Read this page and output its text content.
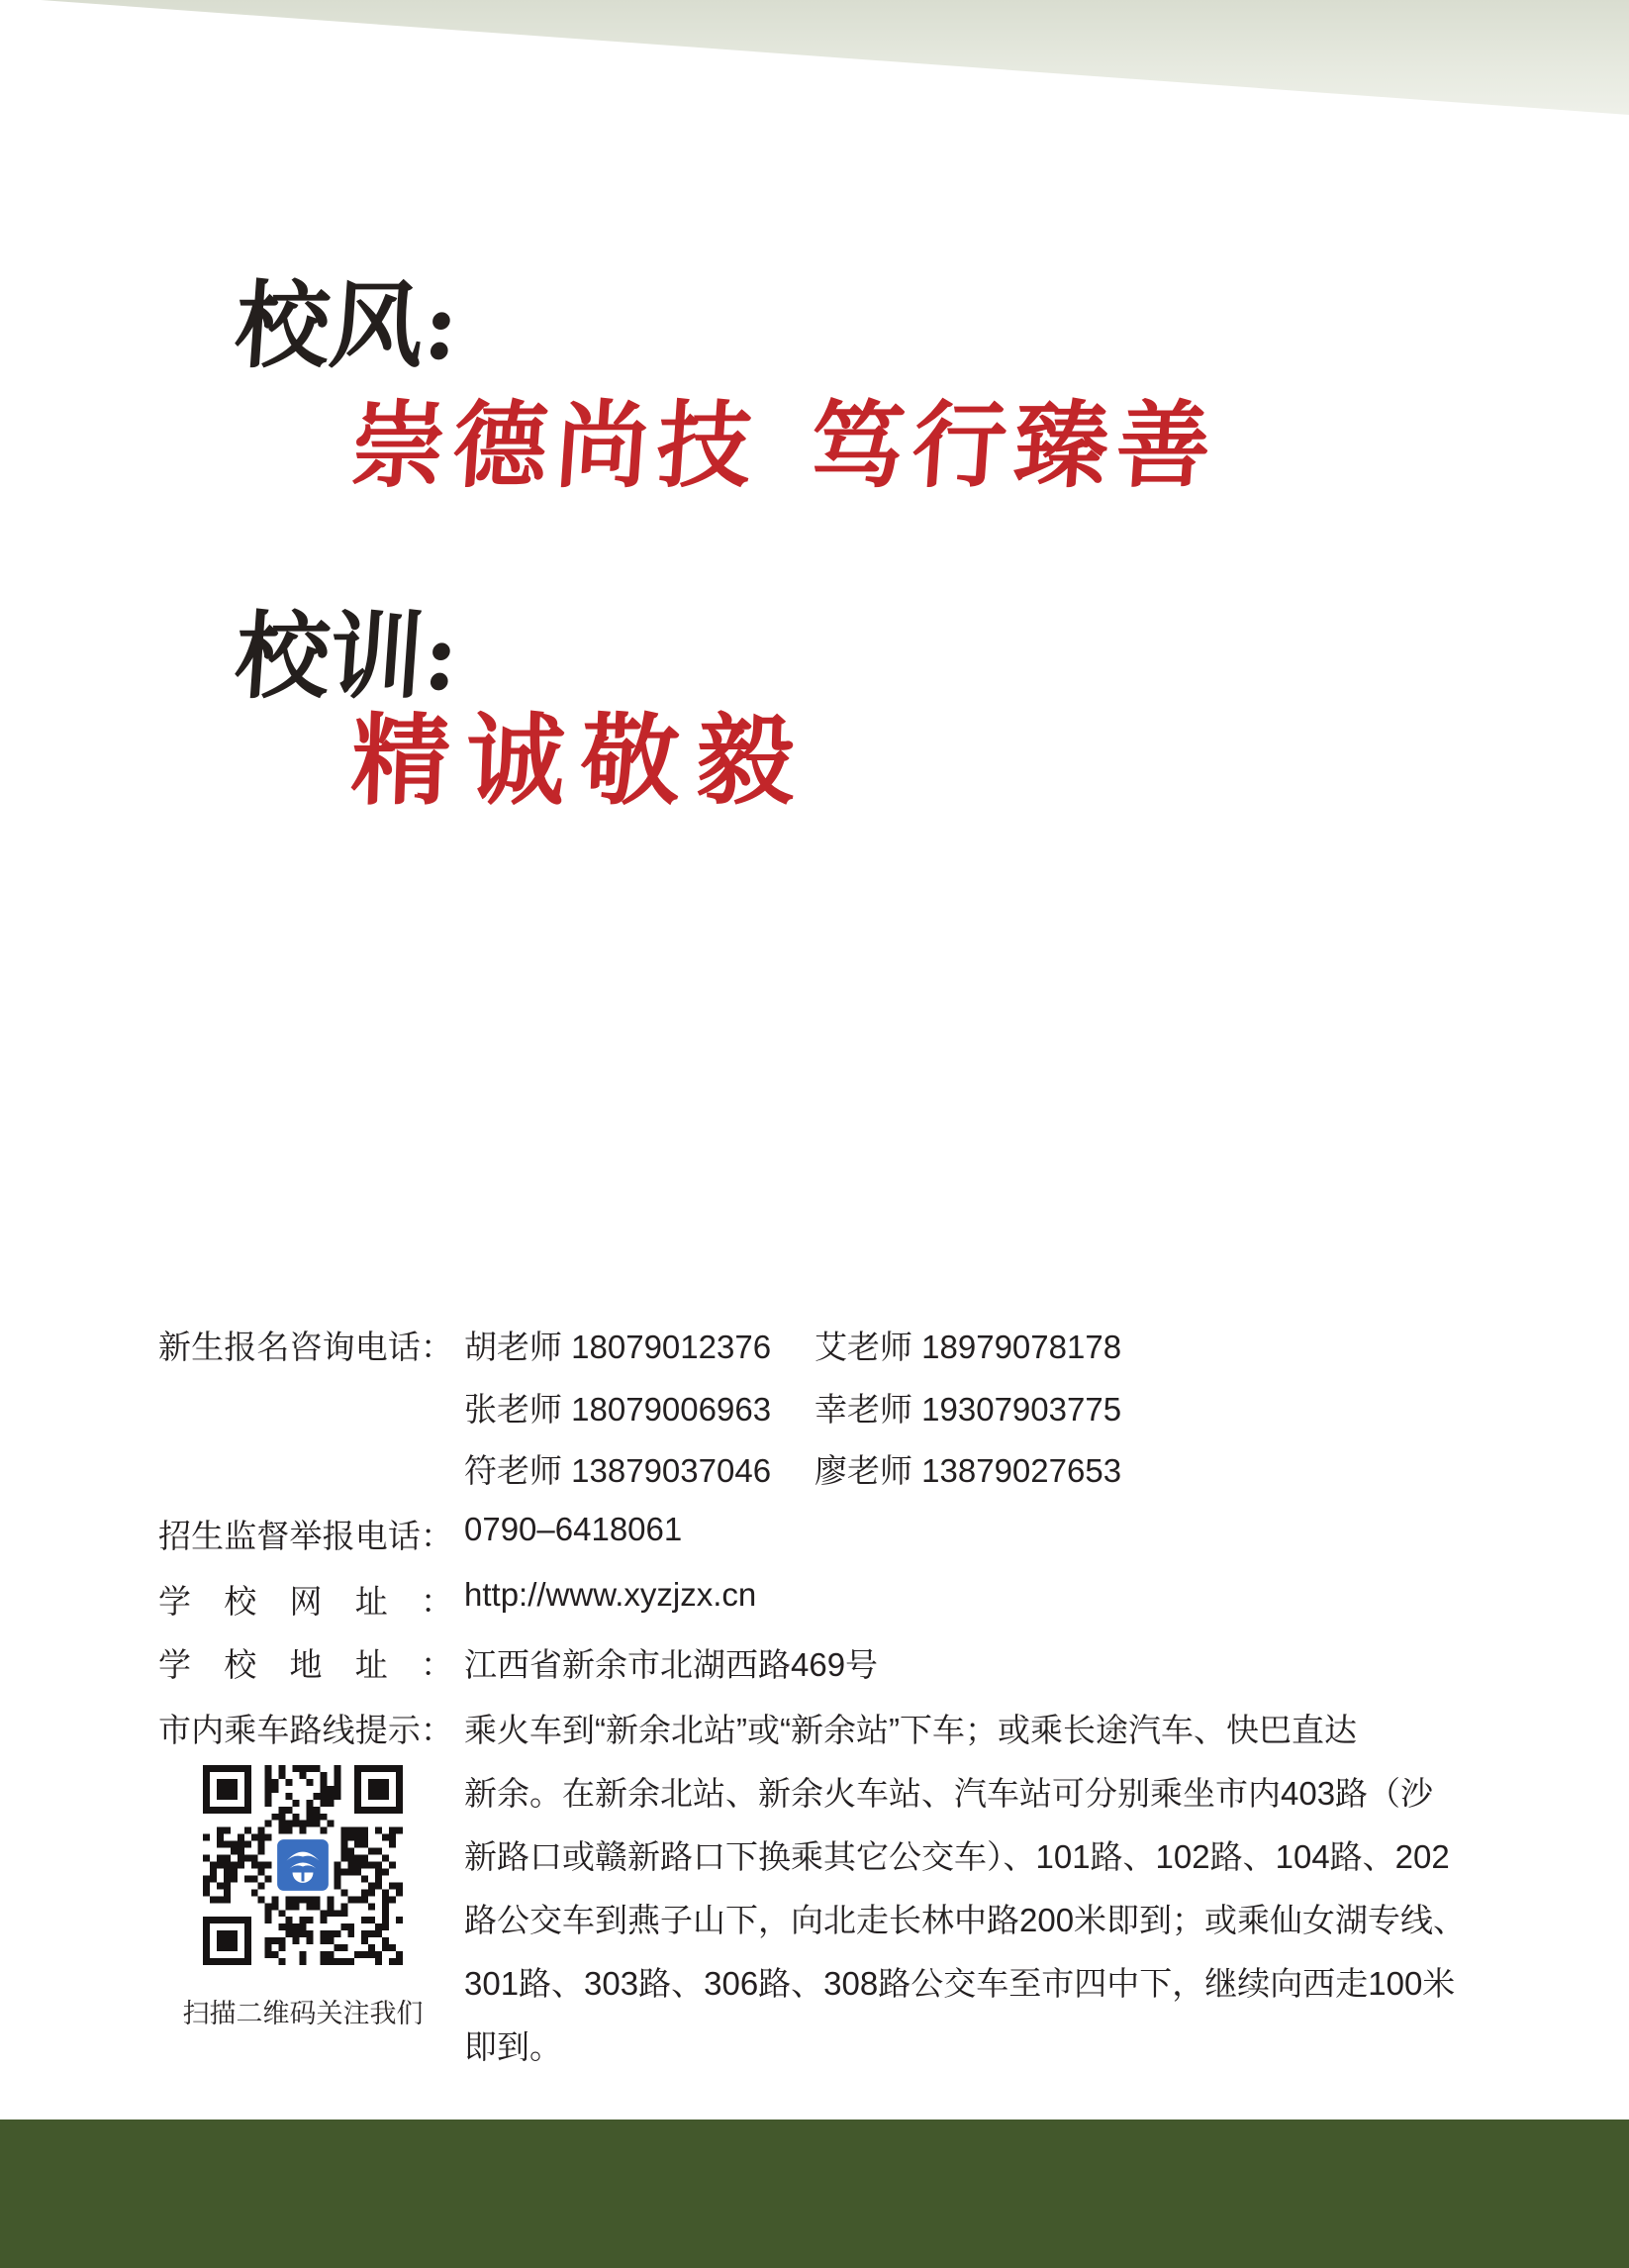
校风:
崇德尚技 笃行臻善
校训:
精诚敬毅
新生报名咨询电话： 胡老师 18079012376 艾老师 18979078178
张老师 18079006963 幸老师 19307903775
符老师 13879037046 廖老师 13879027653
招生监督举报电话： 0790–6418061
学校网址： http://www.xyzjzx.cn
学校地址： 江西省新余市北湖西路469号
市内乘车路线提示： 乘火车到“新余北站”或“新余站”下车；或乘长途汽车、快巴直达
新余。在新余北站、新余火车站、汽车站可分别乘坐市内403路（沙
新路口或赣新路口下换乘其它公交车）、101路、102路、104路、202
路公交车到燕子山下，向北走长林中路200米即到；或乘仙女湖专线、
301路、303路、306路、308路公交车至市四中下，继续向西走100米
即到。
扫描二维码关注我们
